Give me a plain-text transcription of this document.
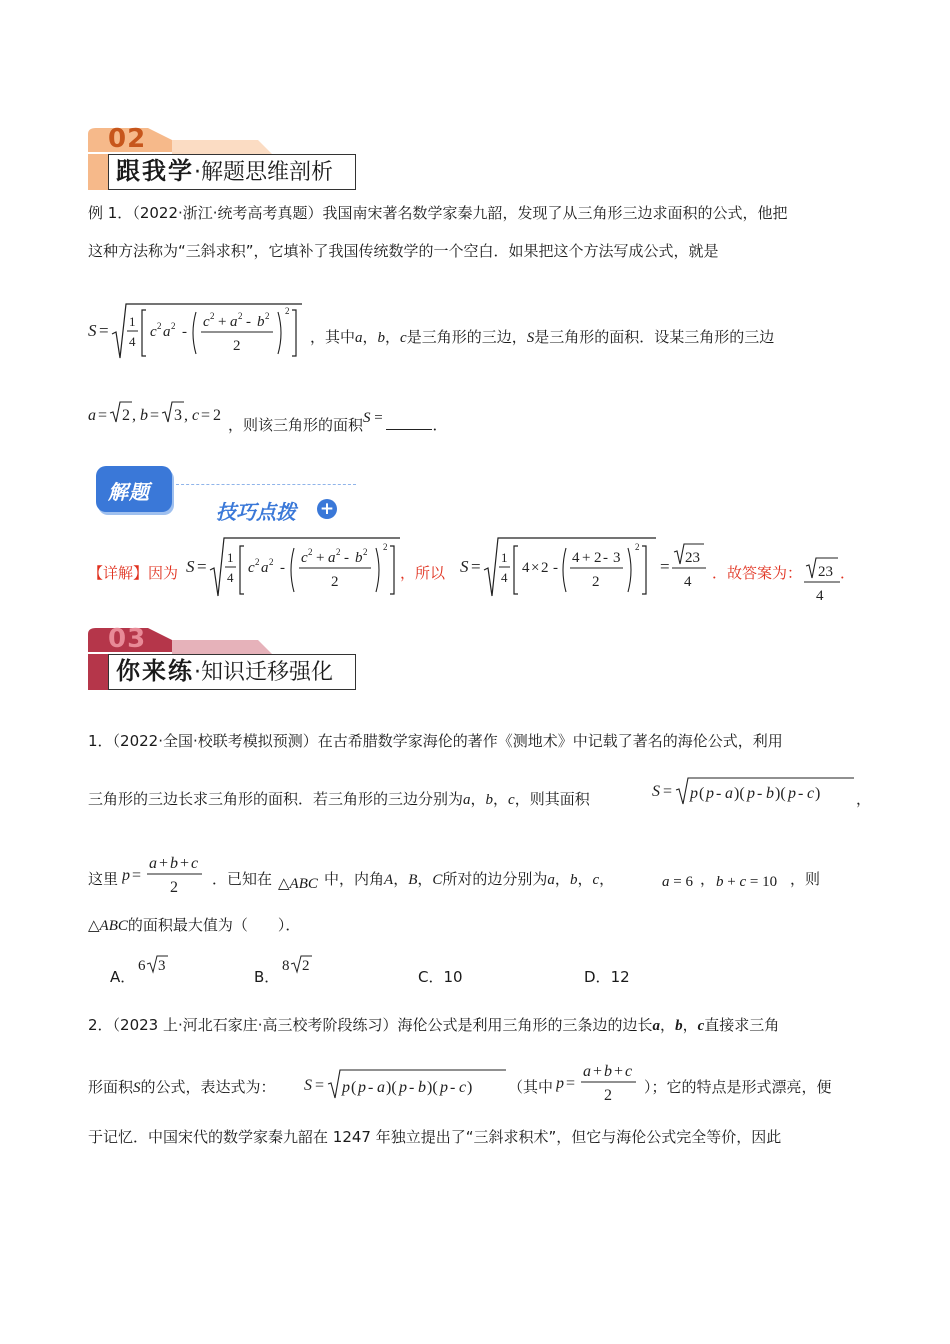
02
跟我学·解题思维剖析
例 1．（2022·浙江·统考高考真题）我国南宋著名数学家秦九韶，发现了从三角形三边求面积的公式，他把
这种方法称为“三斜求积”，它填补了我国传统数学的一个空白．如果把这个方法写成公式，就是
S = 1
4
c 2 a 2 -
c 2 + a 2 - b 2
2
2
，其中a，b，c是三角形的三边，S是三角形的面积．设某三角形的三边
a = 2 , b = 3 , c = 2
，则该三角形的面积S =	．
解题
技巧点拨 +
【详解】因为 S = 1
4
c 2 a 2 -
c 2 + a 2 - b 2
2
2
，所以 S = 1
4
4 × 2 -
4 + 2 - 3
2
2
= 23
4 ．故答案为： 23
4
．
03
你来练·知识迁移强化
1．（2022·全国·校联考模拟预测）在古希腊数学家海伦的著作《测地术》中记载了著名的海伦公式，利用
三角形的三边长求三角形的面积．若三角形的三边分别为a，b，c，则其面积	S = p ( p - a )( p - b )( p - c ) ，
这里 p =
a + b + c
2 ．已知在 △ABC 中，内角A，B，C所对的边分别为a，b，c，	a = 6 ， b + c = 10 ，则
△ABC的面积最大值为（　　）．
A．
6 3
B．
8 2
C．10	D．12
2．（2023 上·河北石家庄·高三校考阶段练习）海伦公式是利用三角形的三条边的边长a，b，c直接求三角
形面积S的公式，表达式为： S = p ( p - a )( p - b )( p - c ) （其中 p =
a + b + c
2 ）；它的特点是形式漂亮，便
于记忆．中国宋代的数学家秦九韶在 1247 年独立提出了“三斜求积术”，但它与海伦公式完全等价，因此
